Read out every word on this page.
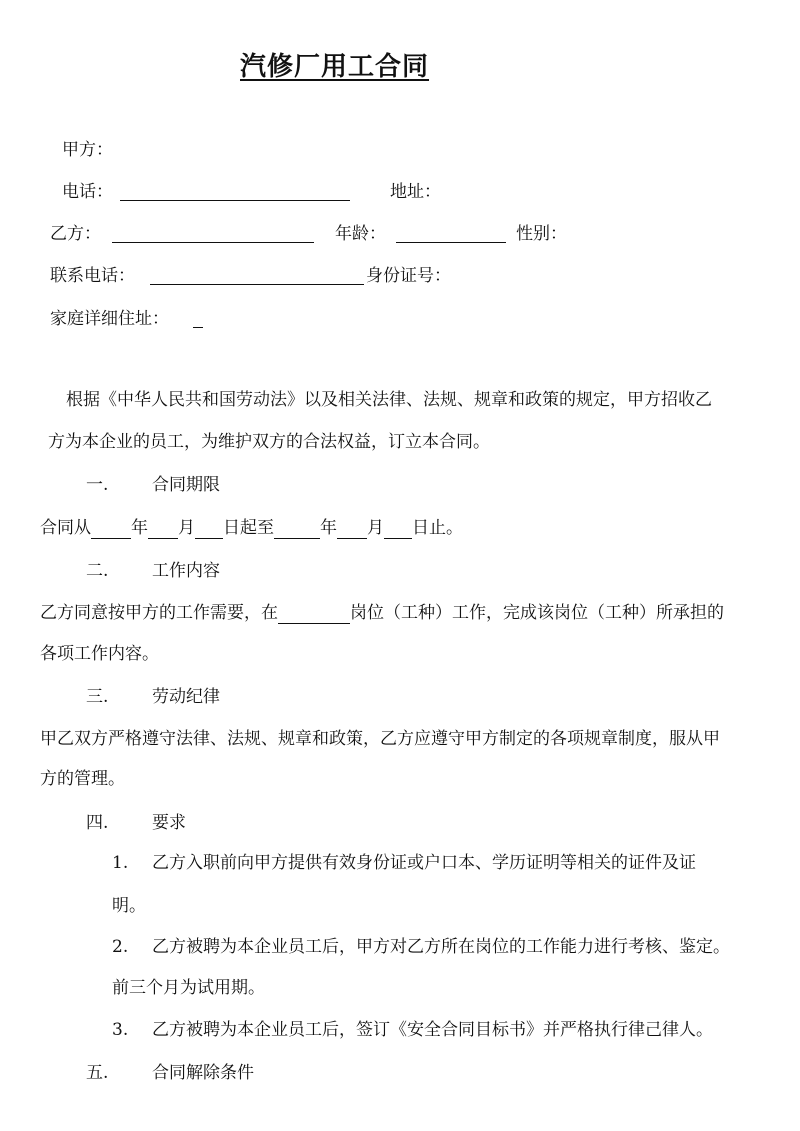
汽修厂用工合同
甲方：
电话：	地址：
乙方：	年龄：	性别：
联系电话：	身份证号：
家庭详细住址：
根据《中华人民共和国劳动法》以及相关法律、法规、规章和政策的规定，甲方招收乙
方为本企业的员工，为维护双方的合法权益，订立本合同。
一.	合同期限
合同从 年 月 日起至	年 月 日止。
二.	工作内容
乙方同意按甲方的工作需要，在	岗位（工种）工作，完成该岗位（工种）所承担的
各项工作内容。
三.	劳动纪律
甲乙双方严格遵守法律、法规、规章和政策，乙方应遵守甲方制定的各项规章制度，服从甲
方的管理。
四.	要求
1. 乙方入职前向甲方提供有效身份证或户口本、学历证明等相关的证件及证
明。
2. 乙方被聘为本企业员工后，甲方对乙方所在岗位的工作能力进行考核、鉴定。
前三个月为试用期。
3. 乙方被聘为本企业员工后，签订《安全合同目标书》并严格执行律己律人。
五.	合同解除条件
